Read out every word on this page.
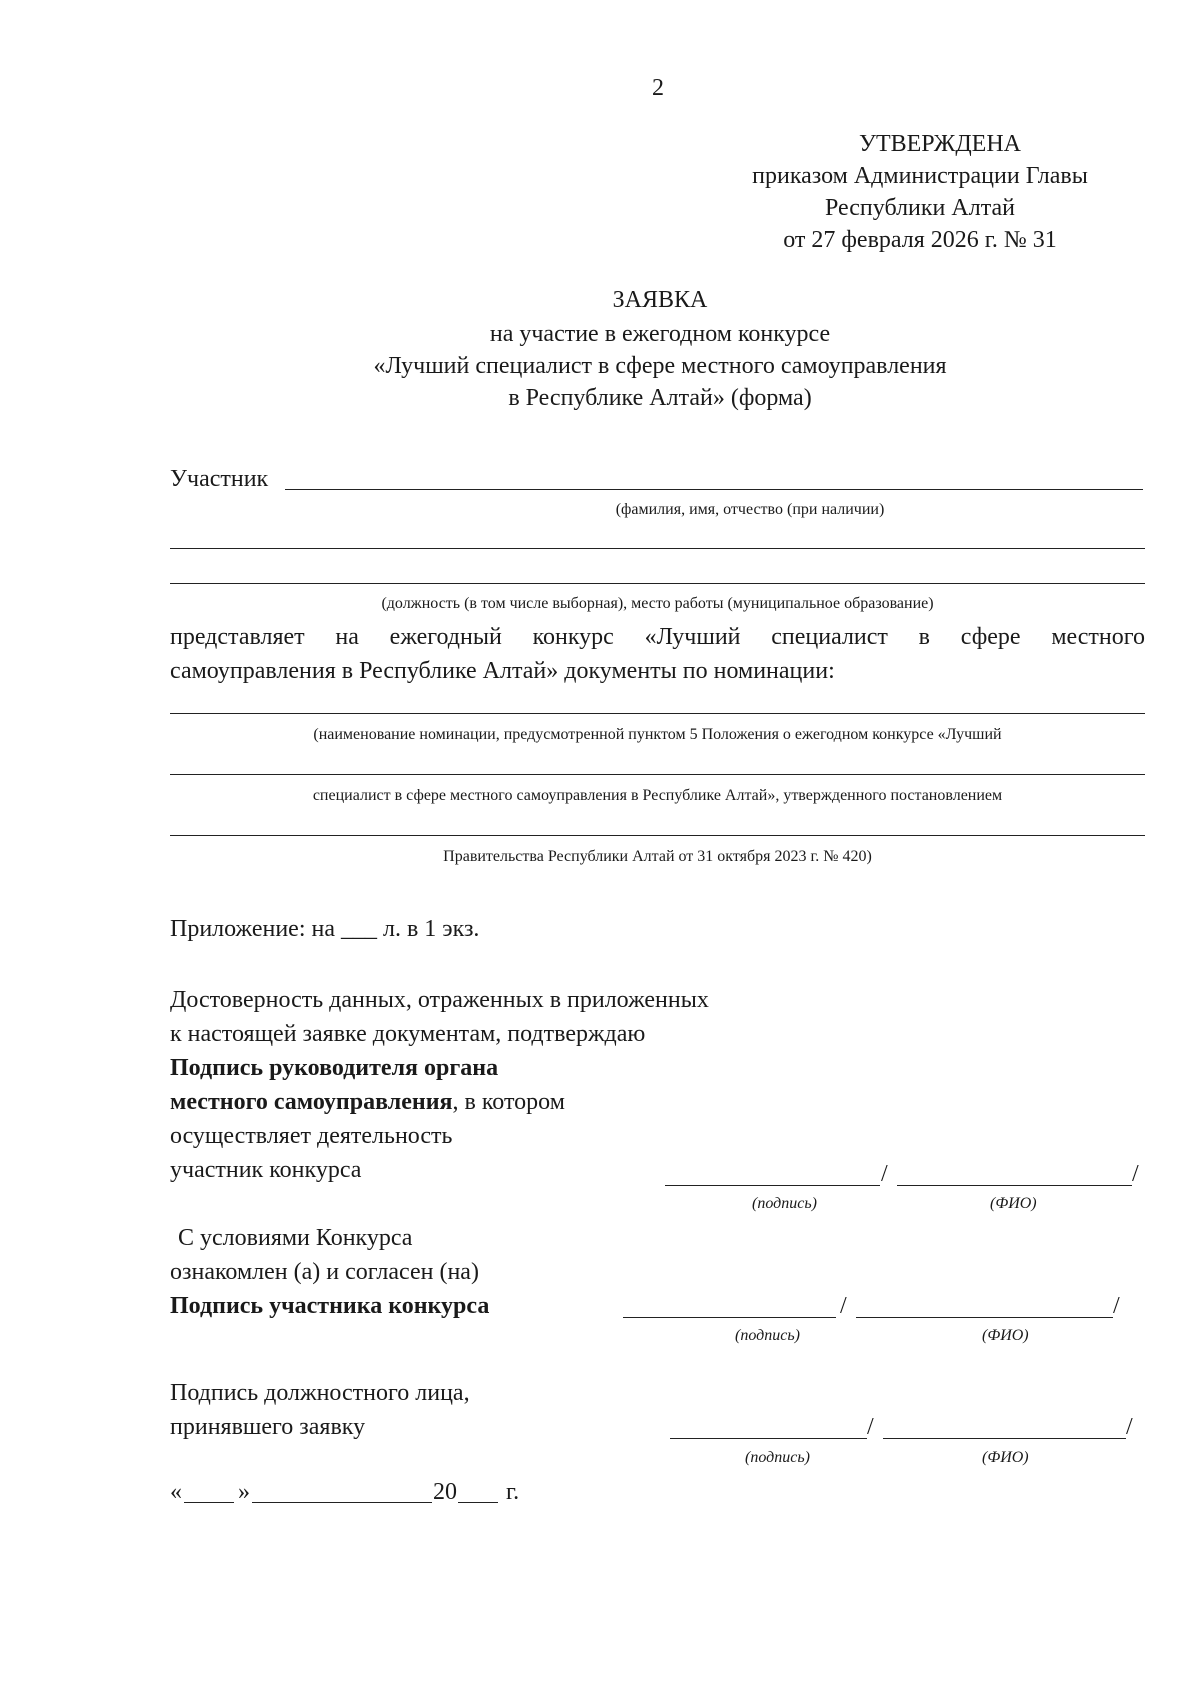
2
УТВЕРЖДЕНА
приказом Администрации Главы
Республики Алтай
от 27 февраля 2026 г. № 31
ЗАЯВКА
на участие в ежегодном конкурсе
«Лучший специалист в сфере местного самоуправления
в Республике Алтай» (форма)
Участник
(фамилия, имя, отчество (при наличии)
(должность (в том числе выборная), место работы (муниципальное образование)
представляет на ежегодный конкурс «Лучший специалист в сфере местного
самоуправления в Республике Алтай» документы по номинации:
(наименование номинации, предусмотренной пунктом 5 Положения о ежегодном конкурсе «Лучший
специалист в сфере местного самоуправления в Республике Алтай», утвержденного постановлением
Правительства Республики Алтай от 31 октября 2023 г. № 420)
Приложение: на ___ л. в 1 экз.
Достоверность данных, отраженных в приложенных
к настоящей заявке документам, подтверждаю
Подпись руководителя органа
местного самоуправления, в котором
осуществляет деятельность
участник конкурса	/	/
(подпись)	(ФИО)
С условиями Конкурса
ознакомлен (а) и согласен (на)
Подпись участника конкурса	/	/
(подпись)	(ФИО)
Подпись должностного лица,
принявшего заявку	/	/
(подпись)	(ФИО)
« »	20 г.
